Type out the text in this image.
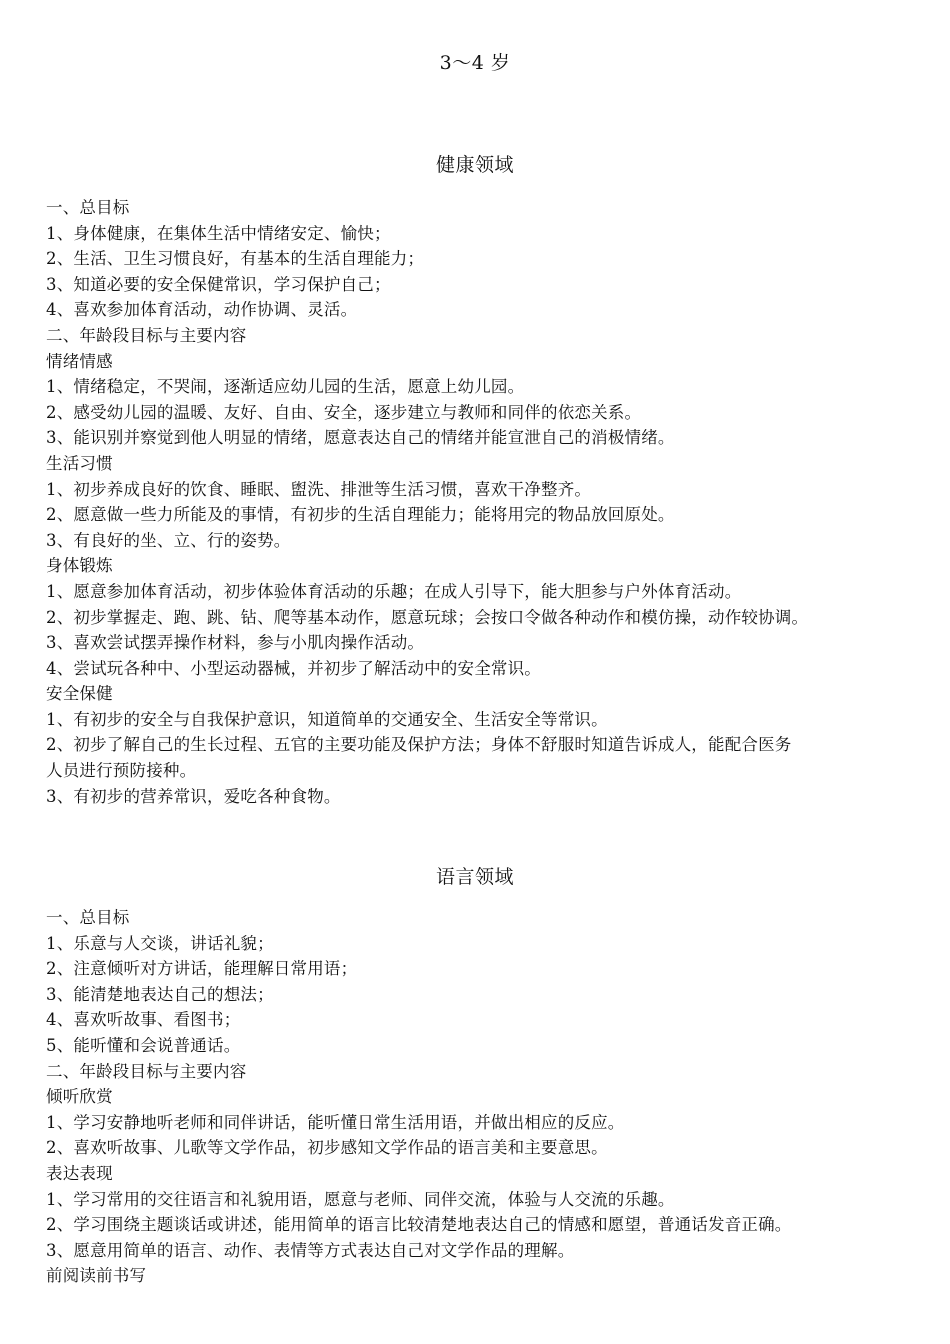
3～4 岁
健康领域
一、总目标
1、身体健康，在集体生活中情绪安定、愉快；
2、生活、卫生习惯良好，有基本的生活自理能力；
3、知道必要的安全保健常识，学习保护自己；
4、喜欢参加体育活动，动作协调、灵活。
二、年龄段目标与主要内容
情绪情感
1、情绪稳定，不哭闹，逐渐适应幼儿园的生活，愿意上幼儿园。
2、感受幼儿园的温暖、友好、自由、安全，逐步建立与教师和同伴的依恋关系。
3、能识别并察觉到他人明显的情绪，愿意表达自己的情绪并能宣泄自己的消极情绪。
生活习惯
1、初步养成良好的饮食、睡眠、盥洗、排泄等生活习惯，喜欢干净整齐。
2、愿意做一些力所能及的事情，有初步的生活自理能力；能将用完的物品放回原处。
3、有良好的坐、立、行的姿势。
身体锻炼
1、愿意参加体育活动，初步体验体育活动的乐趣；在成人引导下，能大胆参与户外体育活动。
2、初步掌握走、跑、跳、钻、爬等基本动作，愿意玩球；会按口令做各种动作和模仿操，动作较协调。
3、喜欢尝试摆弄操作材料，参与小肌肉操作活动。
4、尝试玩各种中、小型运动器械，并初步了解活动中的安全常识。
安全保健
1、有初步的安全与自我保护意识，知道简单的交通安全、生活安全等常识。
2、初步了解自己的生长过程、五官的主要功能及保护方法；身体不舒服时知道告诉成人，能配合医务
人员进行预防接种。
3、有初步的营养常识，爱吃各种食物。
语言领域
一、总目标
1、乐意与人交谈，讲话礼貌；
2、注意倾听对方讲话，能理解日常用语；
3、能清楚地表达自己的想法；
4、喜欢听故事、看图书；
5、能听懂和会说普通话。
二、年龄段目标与主要内容
倾听欣赏
1、学习安静地听老师和同伴讲话，能听懂日常生活用语，并做出相应的反应。
2、喜欢听故事、儿歌等文学作品，初步感知文学作品的语言美和主要意思。
表达表现
1、学习常用的交往语言和礼貌用语，愿意与老师、同伴交流，体验与人交流的乐趣。
2、学习围绕主题谈话或讲述，能用简单的语言比较清楚地表达自己的情感和愿望，普通话发音正确。
3、愿意用简单的语言、动作、表情等方式表达自己对文学作品的理解。
前阅读前书写
